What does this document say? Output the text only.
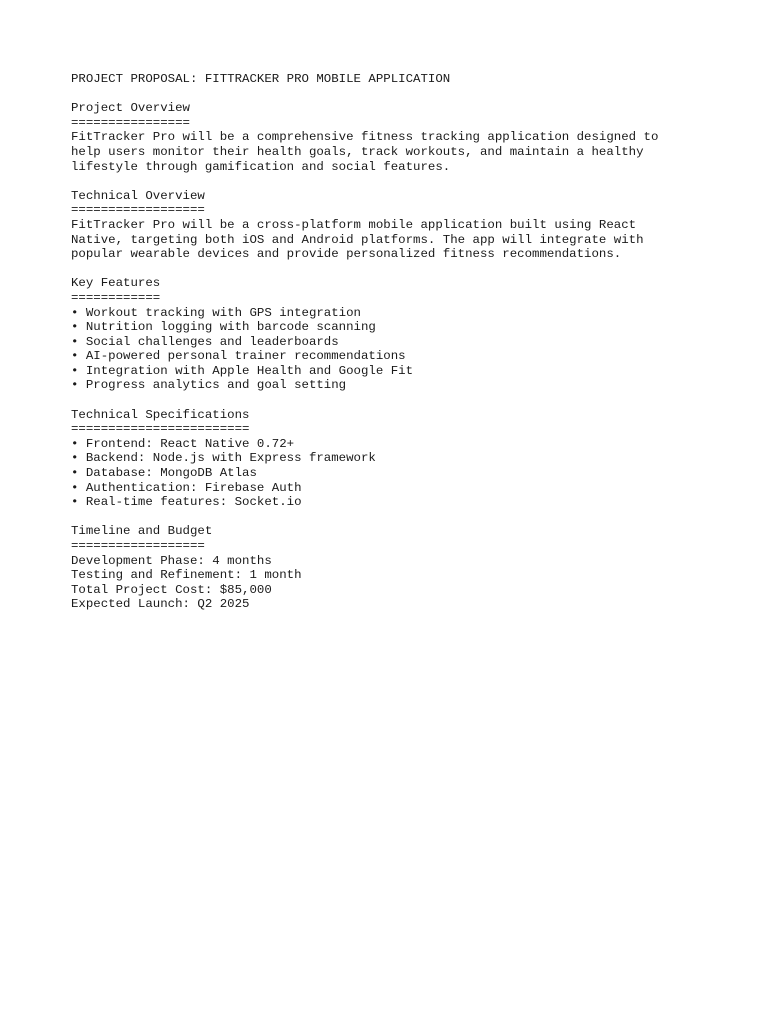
PROJECT PROPOSAL: FITTRACKER PRO MOBILE APPLICATION
Project Overview
================
FitTracker Pro will be a comprehensive fitness tracking application designed to
help users monitor their health goals, track workouts, and maintain a healthy
lifestyle through gamification and social features.
Technical Overview
==================
FitTracker Pro will be a cross-platform mobile application built using React
Native, targeting both iOS and Android platforms. The app will integrate with
popular wearable devices and provide personalized fitness recommendations.
Key Features
============
• Workout tracking with GPS integration
• Nutrition logging with barcode scanning
• Social challenges and leaderboards
• AI-powered personal trainer recommendations
• Integration with Apple Health and Google Fit
• Progress analytics and goal setting
Technical Specifications
========================
• Frontend: React Native 0.72+
• Backend: Node.js with Express framework
• Database: MongoDB Atlas
• Authentication: Firebase Auth
• Real-time features: Socket.io
Timeline and Budget
==================
Development Phase: 4 months
Testing and Refinement: 1 month
Total Project Cost: $85,000
Expected Launch: Q2 2025
